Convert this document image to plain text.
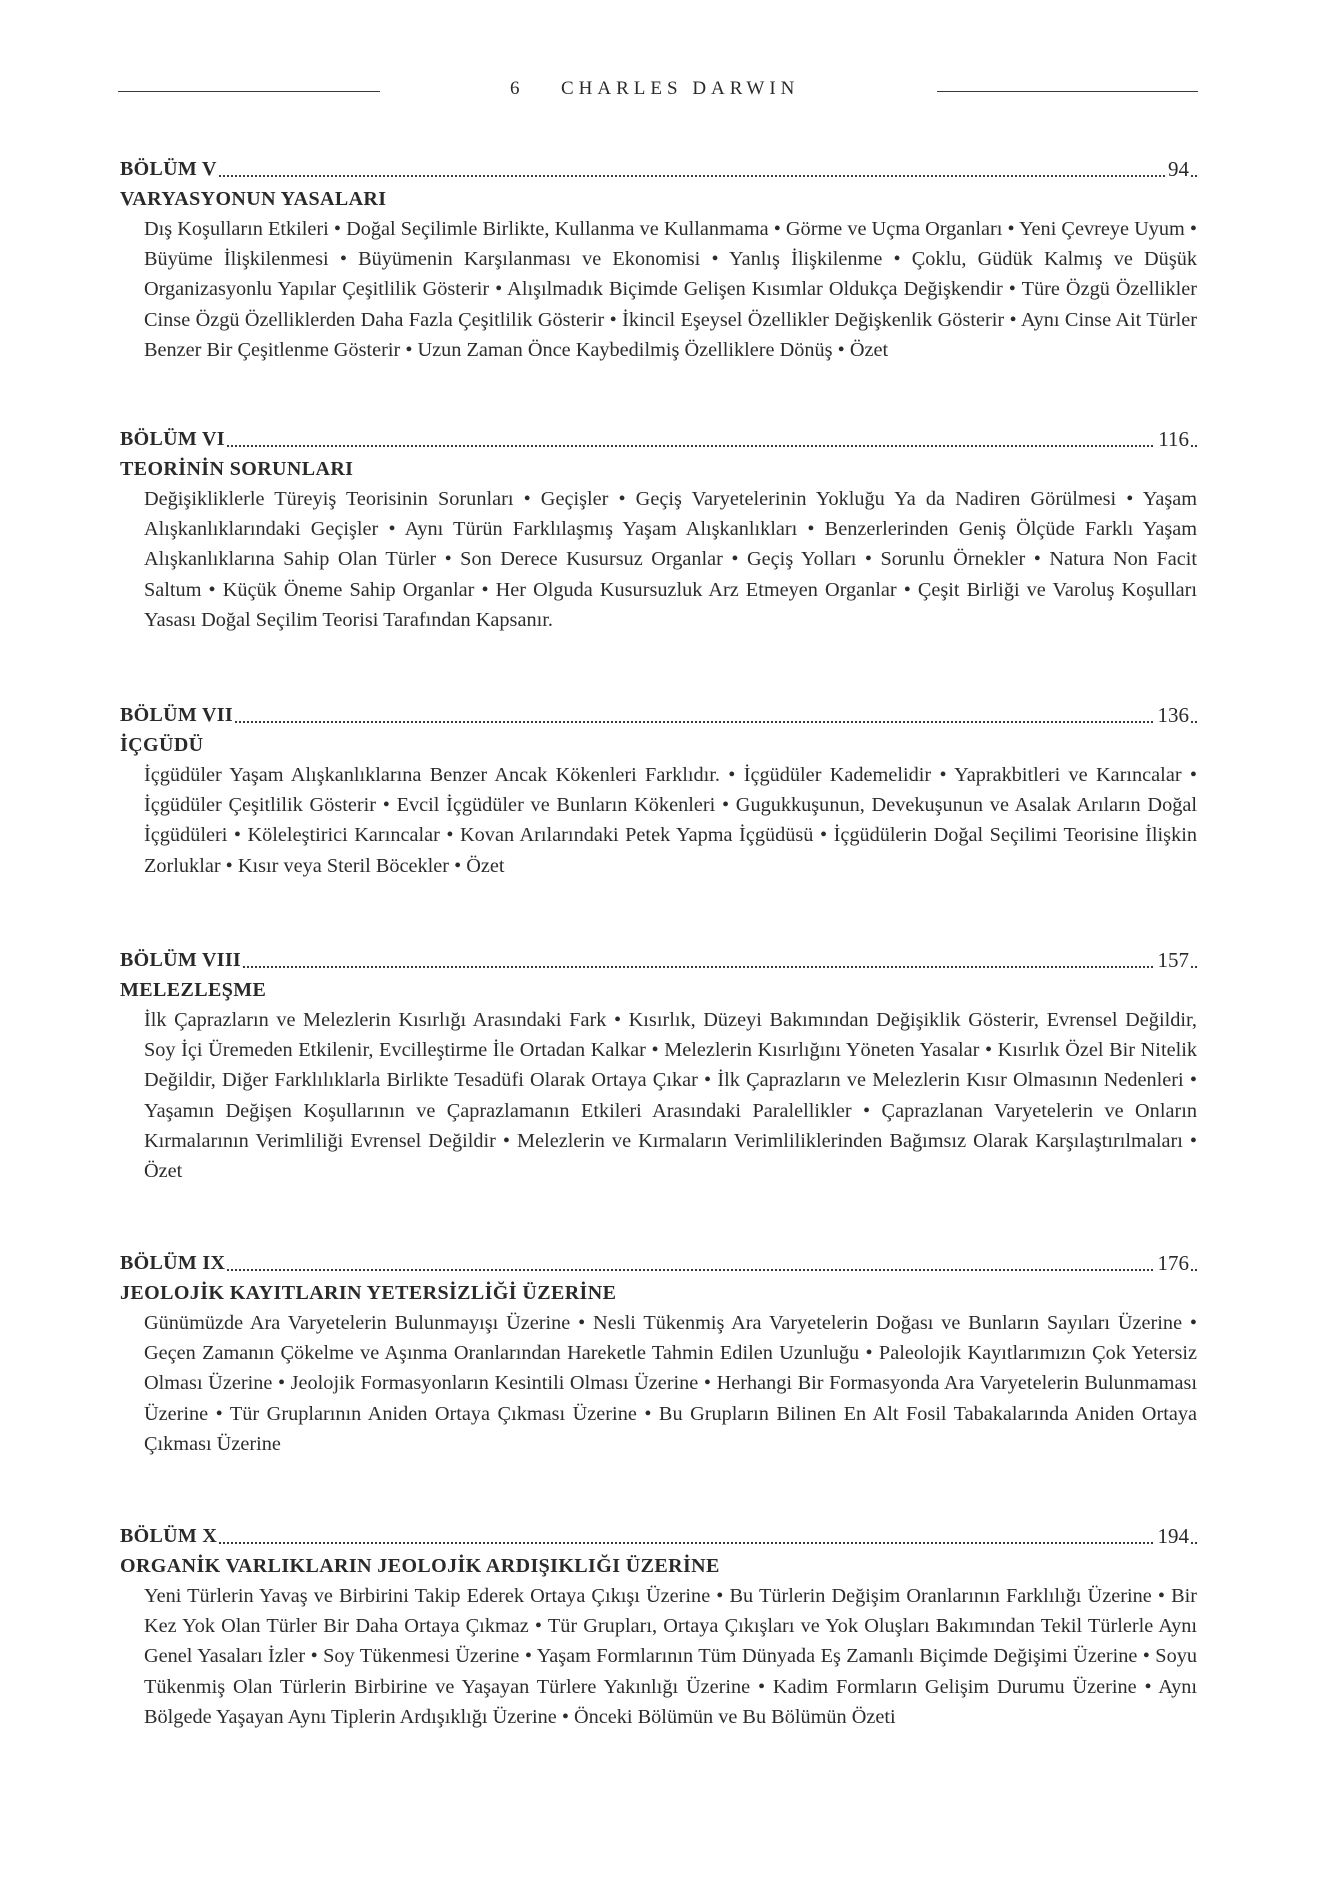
6 CHARLES DARWIN
BÖLÜM V	94
VARYASYONUN YASALARI

Dış Koşulların Etkileri • Doğal Seçilimle Birlikte, Kullanma ve Kullanmama • Görme ve Uçma Organları • Yeni Çevreye Uyum • Büyüme İlişkilenmesi • Büyümenin Karşılanması ve Ekonomisi • Yanlış İlişkilenme • Çoklu, Güdük Kalmış ve Düşük Organizasyonlu Yapılar Çeşitlilik Gösterir • Alışılmadık Biçimde Gelişen Kısımlar Oldukça Değişkendir • Türe Özgü Özellikler Cinse Özgü Özelliklerden Daha Fazla Çeşitlilik Gösterir • İkincil Eşeysel Özellikler Değişkenlik Gösterir • Aynı Cinse Ait Türler Benzer Bir Çeşitlenme Gösterir • Uzun Zaman Önce Kaybedilmiş Özelliklere Dönüş • Özet

BÖLÜM VI	116
TEORİNİN SORUNLARI

Değişikliklerle Türeyiş Teorisinin Sorunları • Geçişler • Geçiş Varyetelerinin Yokluğu Ya da Nadiren Görülmesi • Yaşam Alışkanlıklarındaki Geçişler • Aynı Türün Farklılaşmış Yaşam Alışkanlıkları • Benzerlerinden Geniş Ölçüde Farklı Yaşam Alışkanlıklarına Sahip Olan Türler • Son Derece Kusursuz Organlar • Geçiş Yolları • Sorunlu Örnekler • Natura Non Facit Saltum • Küçük Öneme Sahip Organlar • Her Olguda Kusursuzluk Arz Etmeyen Organlar • Çeşit Birliği ve Varoluş Koşulları Yasası Doğal Seçilim Teorisi Tarafından Kapsanır.

BÖLÜM VII	136
İÇGÜDÜ

İçgüdüler Yaşam Alışkanlıklarına Benzer Ancak Kökenleri Farklıdır. • İçgüdüler Kademelidir • Yaprakbitleri ve Karıncalar • İçgüdüler Çeşitlilik Gösterir • Evcil İçgüdüler ve Bunların Kökenleri • Gugukkuşunun, Devekuşunun ve Asalak Arıların Doğal İçgüdüleri • Köleleştirici Karıncalar • Kovan Arılarındaki Petek Yapma İçgüdüsü • İçgüdülerin Doğal Seçilimi Teorisine İlişkin Zorluklar • Kısır veya Steril Böcekler • Özet

BÖLÜM VIII	157
MELEZLEŞME

İlk Çaprazların ve Melezlerin Kısırlığı Arasındaki Fark • Kısırlık, Düzeyi Bakımından Değişiklik Gösterir, Evrensel Değildir, Soy İçi Üremeden Etkilenir, Evcilleştirme İle Ortadan Kalkar • Melezlerin Kısırlığını Yöneten Yasalar • Kısırlık Özel Bir Nitelik Değildir, Diğer Farklılıklarla Birlikte Tesadüfi Olarak Ortaya Çıkar • İlk Çaprazların ve Melezlerin Kısır Olmasının Nedenleri • Yaşamın Değişen Koşullarının ve Çaprazlamanın Etkileri Arasındaki Paralellikler • Çaprazlanan Varyetelerin ve Onların Kırmalarının Verimliliği Evrensel Değildir • Melezlerin ve Kırmaların Verimliliklerinden Bağımsız Olarak Karşılaştırılmaları • Özet

BÖLÜM IX	176
JEOLOJİK KAYITLARIN YETERSİZLİĞİ ÜZERİNE

Günümüzde Ara Varyetelerin Bulunmayışı Üzerine • Nesli Tükenmiş Ara Varyetelerin Doğası ve Bunların Sayıları Üzerine • Geçen Zamanın Çökelme ve Aşınma Oranlarından Hareketle Tahmin Edilen Uzunluğu • Paleolojik Kayıtlarımızın Çok Yetersiz Olması Üzerine • Jeolojik Formasyonların Kesintili Olması Üzerine • Herhangi Bir Formasyonda Ara Varyetelerin Bulunmaması Üzerine • Tür Gruplarının Aniden Ortaya Çıkması Üzerine • Bu Grupların Bilinen En Alt Fosil Tabakalarında Aniden Ortaya Çıkması Üzerine

BÖLÜM X	194
ORGANİK VARLIKLARIN JEOLOJİK ARDIŞIKLIĞI ÜZERİNE

Yeni Türlerin Yavaş ve Birbirini Takip Ederek Ortaya Çıkışı Üzerine • Bu Türlerin Değişim Oranlarının Farklılığı Üzerine • Bir Kez Yok Olan Türler Bir Daha Ortaya Çıkmaz • Tür Grupları, Ortaya Çıkışları ve Yok Oluşları Bakımından Tekil Türlerle Aynı Genel Yasaları İzler • Soy Tükenmesi Üzerine • Yaşam Formlarının Tüm Dünyada Eş Zamanlı Biçimde Değişimi Üzerine • Soyu Tükenmiş Olan Türlerin Birbirine ve Yaşayan Türlere Yakınlığı Üzerine • Kadim Formların Gelişim Durumu Üzerine • Aynı Bölgede Yaşayan Aynı Tiplerin Ardışıklığı Üzerine • Önceki Bölümün ve Bu Bölümün Özeti
